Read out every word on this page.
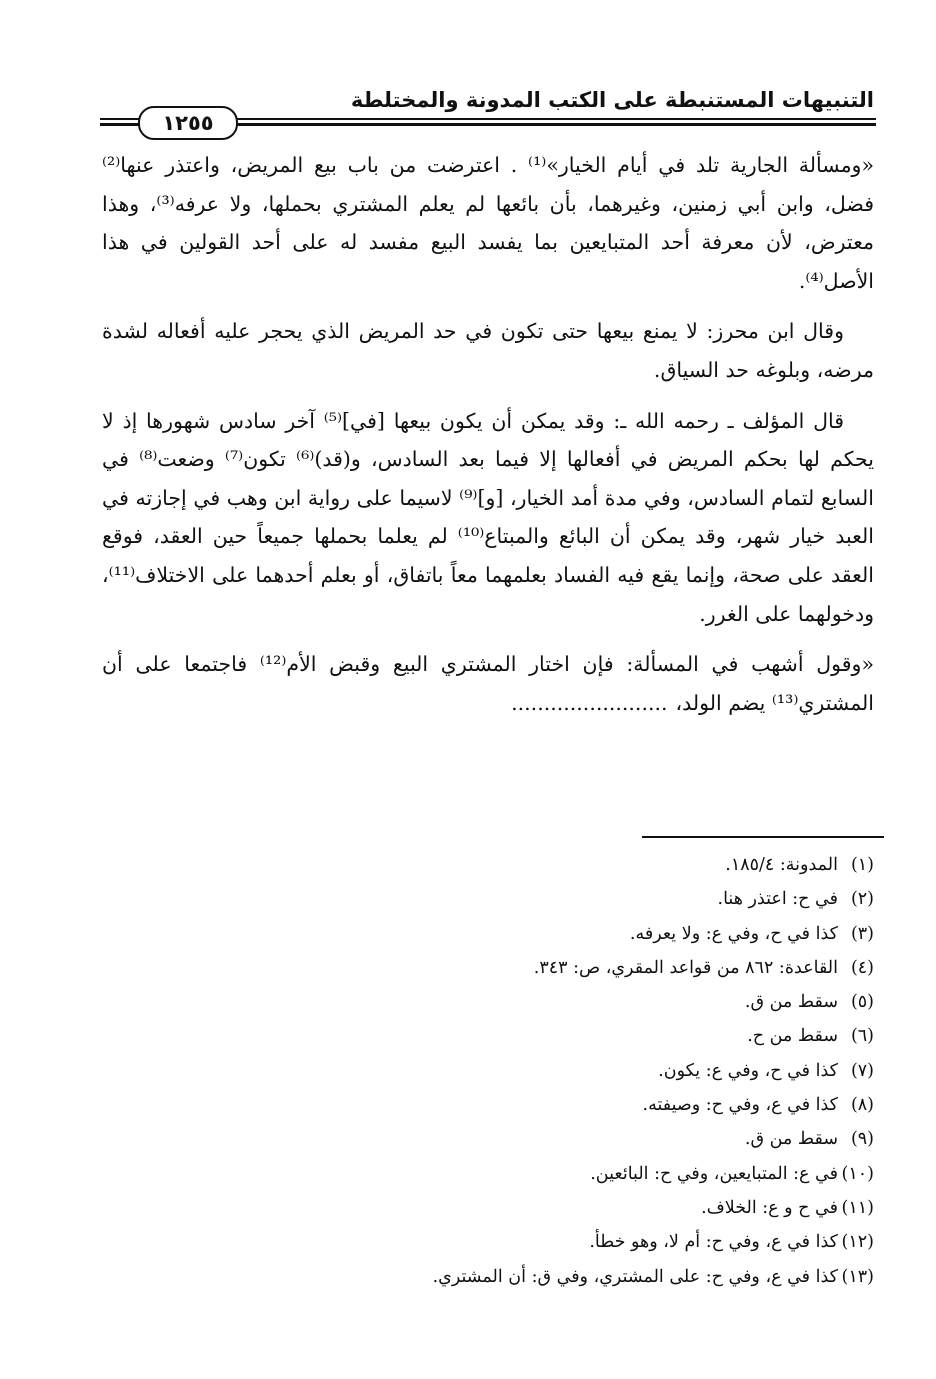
التنبيهات المستنبطة على الكتب المدونة والمختلطة
١٢٥٥

«ومسألة الجارية تلد في أيام الخيار»⁽¹⁾ . اعترضت من باب بيع المريض، واعتذر عنها⁽²⁾ فضل، وابن أبي زمنين، وغيرهما، بأن بائعها لم يعلم المشتري بحملها، ولا عرفه⁽³⁾، وهذا معترض، لأن معرفة أحد المتبايعين بما يفسد البيع مفسد له على أحد القولين في هذا الأصل⁽⁴⁾.

وقال ابن محرز: لا يمنع بيعها حتى تكون في حد المريض الذي يحجر عليه أفعاله لشدة مرضه، وبلوغه حد السياق.

قال المؤلف ـ رحمه الله ـ: وقد يمكن أن يكون بيعها [في]⁽⁵⁾ آخر سادس شهورها إذ لا يحكم لها بحكم المريض في أفعالها إلا فيما بعد السادس، و(قد)⁽⁶⁾ تكون⁽⁷⁾ وضعت⁽⁸⁾ في السابع لتمام السادس، وفي مدة أمد الخيار، [و]⁽⁹⁾ لاسيما على رواية ابن وهب في إجازته في العبد خيار شهر، وقد يمكن أن البائع والمبتاع⁽¹⁰⁾ لم يعلما بحملها جميعاً حين العقد، فوقع العقد على صحة، وإنما يقع فيه الفساد بعلمهما معاً باتفاق، أو بعلم أحدهما على الاختلاف⁽¹¹⁾، ودخولهما على الغرر.

«وقول أشهب في المسألة: فإن اختار المشتري البيع وقبض الأم⁽¹²⁾ فاجتمعا على أن المشتري⁽¹³⁾ يضم الولد،........................

(١)
المدونة: ١٨٥/٤.
(٢)
في ح: اعتذر هنا.
(٣)
كذا في ح، وفي ع: ولا يعرفه.
(٤)
القاعدة: ٨٦٢ من قواعد المقري، ص: ٣٤٣.
(٥)
سقط من ق.
(٦)
سقط من ح.
(٧)
كذا في ح، وفي ع: يكون.
(٨)
كذا في ع، وفي ح: وصيفته.
(٩)
سقط من ق.
(١٠)
في ع: المتبايعين، وفي ح: البائعين.
(١١)
في ح و ع: الخلاف.
(١٢)
كذا في ع، وفي ح: أم لا، وهو خطأ.
(١٣)
كذا في ع، وفي ح: على المشتري، وفي ق: أن المشتري.
